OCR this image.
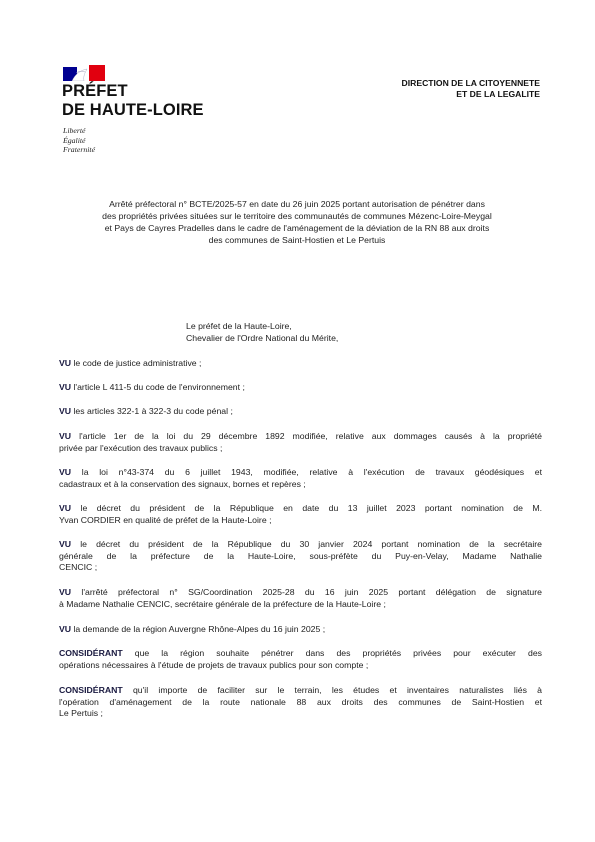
PRÉFET
DE HAUTE-LOIRE
Liberté
Égalité
Fraternité
DIRECTION DE LA CITOYENNETE
ET DE LA LEGALITE
Arrêté préfectoral n° BCTE/2025-57 en date du 26 juin 2025 portant autorisation de pénétrer dans
des propriétés privées situées sur le territoire des communautés de communes Mézenc-Loire-Meygal
et Pays de Cayres Pradelles dans le cadre de l'aménagement de la déviation de la RN 88 aux droits
des communes de Saint-Hostien et Le Pertuis
Le préfet de la Haute-Loire,
Chevalier de l'Ordre National du Mérite,
VU le code de justice administrative ;
VU l'article L 411-5 du code de l'environnement ;
VU les articles 322-1 à 322-3 du code pénal ;
VU l'article 1er de la loi du 29 décembre 1892 modifiée, relative aux dommages causés à la propriété
privée par l'exécution des travaux publics ;
VU la loi n°43-374 du 6 juillet 1943, modifiée, relative à l'exécution de travaux géodésiques et
cadastraux et à la conservation des signaux, bornes et repères ;
VU le décret du président de la République en date du 13 juillet 2023 portant nomination de M.
Yvan CORDIER en qualité de préfet de la Haute-Loire ;
VU le décret du président de la République du 30 janvier 2024 portant nomination de la secrétaire
générale de la préfecture de la Haute-Loire, sous-préfète du Puy-en-Velay, Madame Nathalie
CENCIC ;
VU l'arrêté préfectoral n° SG/Coordination 2025-28 du 16 juin 2025 portant délégation de signature
à Madame Nathalie CENCIC, secrétaire générale de la préfecture de la Haute-Loire ;
VU la demande de la région Auvergne Rhône-Alpes du 16 juin 2025 ;
CONSIDÉRANT que la région souhaite pénétrer dans des propriétés privées pour exécuter des
opérations nécessaires à l'étude de projets de travaux publics pour son compte ;
CONSIDÉRANT qu'il importe de faciliter sur le terrain, les études et inventaires naturalistes liés à
l'opération d'aménagement de la route nationale 88 aux droits des communes de Saint-Hostien et
Le Pertuis ;
